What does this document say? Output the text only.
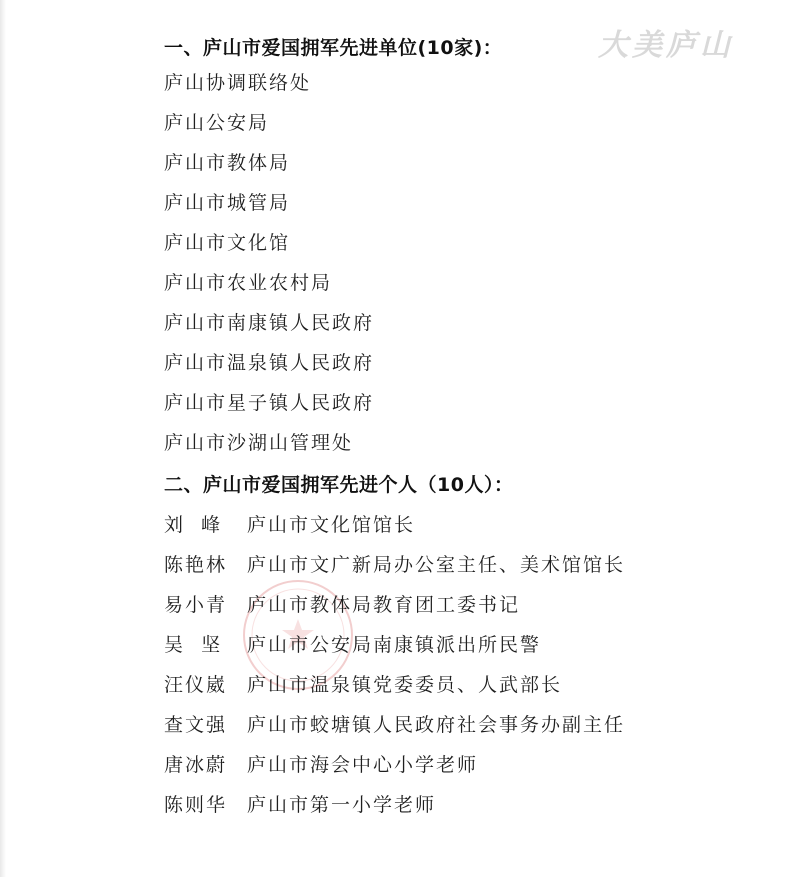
大美庐山
一、庐山市爱国拥军先进单位(10家)：
庐山协调联络处
庐山公安局
庐山市教体局
庐山市城管局
庐山市文化馆
庐山市农业农村局
庐山市南康镇人民政府
庐山市温泉镇人民政府
庐山市星子镇人民政府
庐山市沙湖山管理处
二、庐山市爱国拥军先进个人（10人）：
刘  峰 庐山市文化馆馆长
陈艳林 庐山市文广新局办公室主任、美术馆馆长
易小青 庐山市教体局教育团工委书记
吴  坚 庐山市公安局南康镇派出所民警
汪仪崴 庐山市温泉镇党委委员、人武部长
查文强 庐山市蛟塘镇人民政府社会事务办副主任
唐冰蔚 庐山市海会中心小学老师
陈则华 庐山市第一小学老师
